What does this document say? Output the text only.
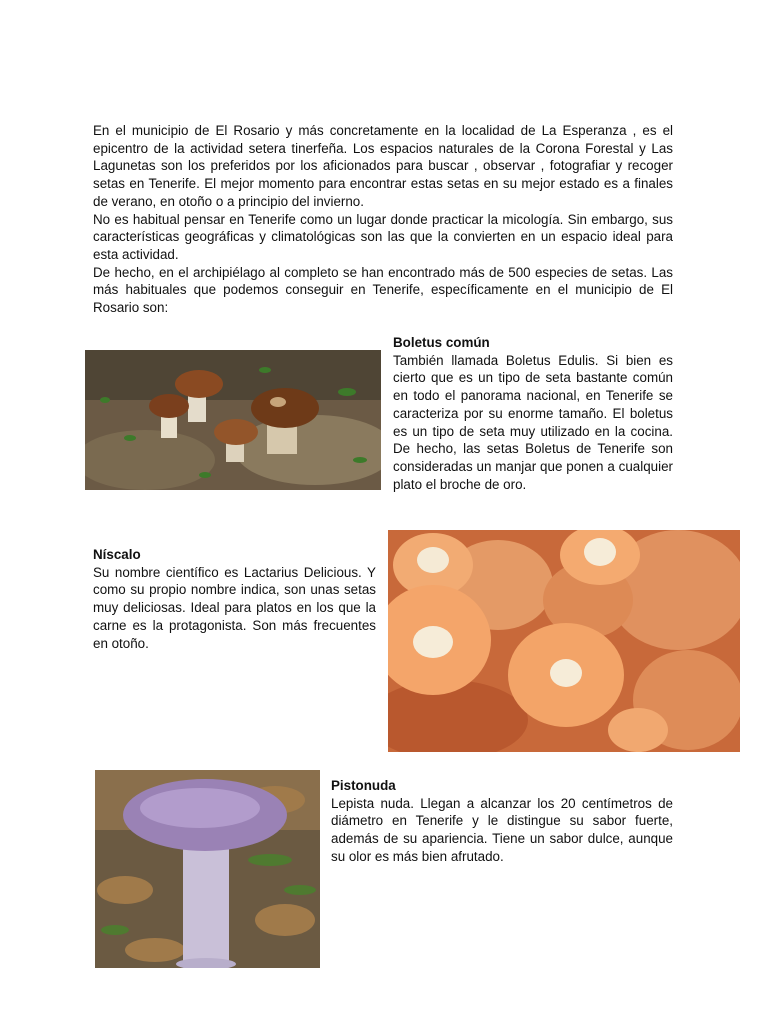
En el municipio de El Rosario y más concretamente en la localidad de La Esperanza , es el epicentro de la actividad setera tinerfeña. Los espacios naturales de la Corona Forestal y Las Lagunetas son los preferidos por los aficionados para buscar , observar , fotografiar y recoger setas en Tenerife. El mejor momento para encontrar estas setas en su mejor estado es a finales de verano, en otoño o a principio del invierno.

No es habitual pensar en Tenerife como un lugar donde practicar la micología. Sin embargo, sus características geográficas y climatológicas son las que la convierten en un espacio ideal para esta actividad.

De hecho, en el archipiélago al completo se han encontrado más de 500 especies de setas. Las más habituales que podemos conseguir en Tenerife, específicamente en el municipio de El Rosario son:

Boletus común

También llamada Boletus Edulis. Si bien es cierto que es un tipo de seta bastante común en todo el panorama nacional, en Tenerife se caracteriza por su enorme tamaño. El boletus es un tipo de seta muy utilizado en la cocina. De hecho, las setas Boletus de Tenerife son consideradas un manjar que ponen a cualquier plato el broche de oro.

Níscalo

Su nombre científico es Lactarius Delicious. Y como su propio nombre indica, son unas setas muy deliciosas. Ideal para platos en los que la carne es la protagonista. Son más frecuentes en otoño.

Pistonuda

Lepista nuda. Llegan a alcanzar los 20 centímetros de diámetro en Tenerife y le distingue su sabor fuerte, además de su apariencia. Tiene un sabor dulce, aunque su olor es más bien afrutado.
